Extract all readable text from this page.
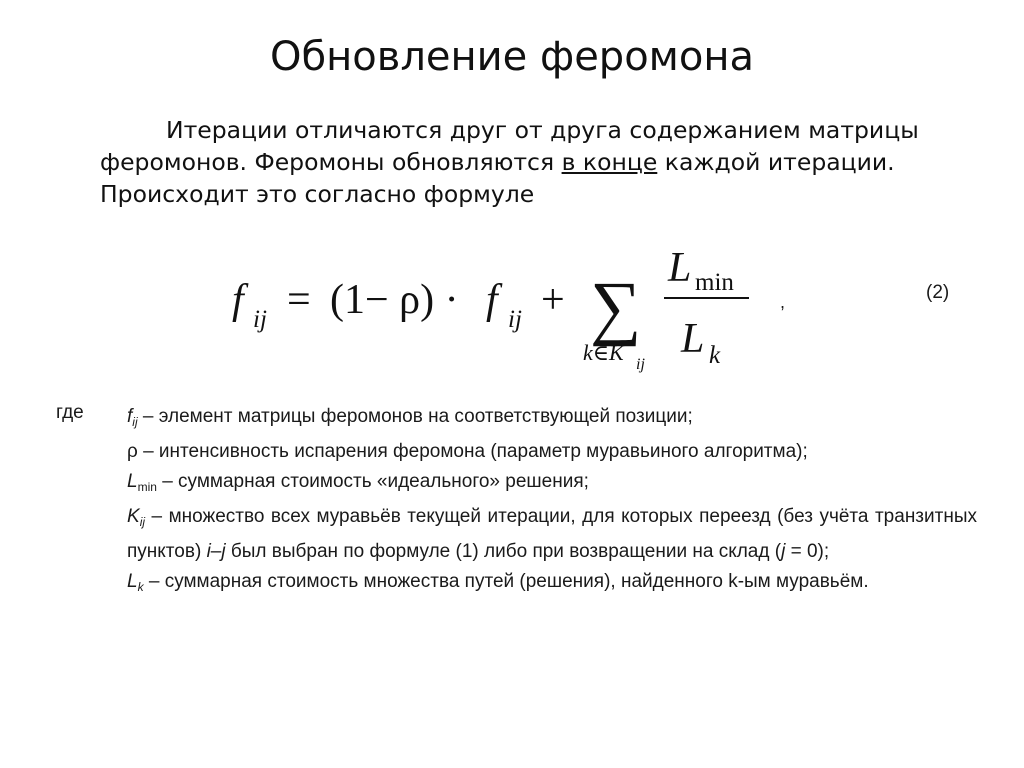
Обновление феромона
Итерации отличаются друг от друга содержанием матрицы феромонов. Феромоны обновляются в конце каждой итерации. Происходит это согласно формуле
f ij = (1− ρ) · f ij + ∑
k∈K ij
L min
L k
,	(2)
где $f_{ij}$ – элемент матрицы феромонов на соответствующей позиции;

ρ – интенсивность испарения феромона (параметр муравьиного алгоритма);

$L_{min}$ – суммарная стоимость «идеального» решения;

$K_{ij}$ – множество всех муравьёв текущей итерации, для которых переезд (без учёта транзитных пунктов) i–j был выбран по формуле (1) либо при возвращении на склад (j = 0);

$L_k$ – суммарная стоимость множества путей (решения), найденного k-ым муравьём.
